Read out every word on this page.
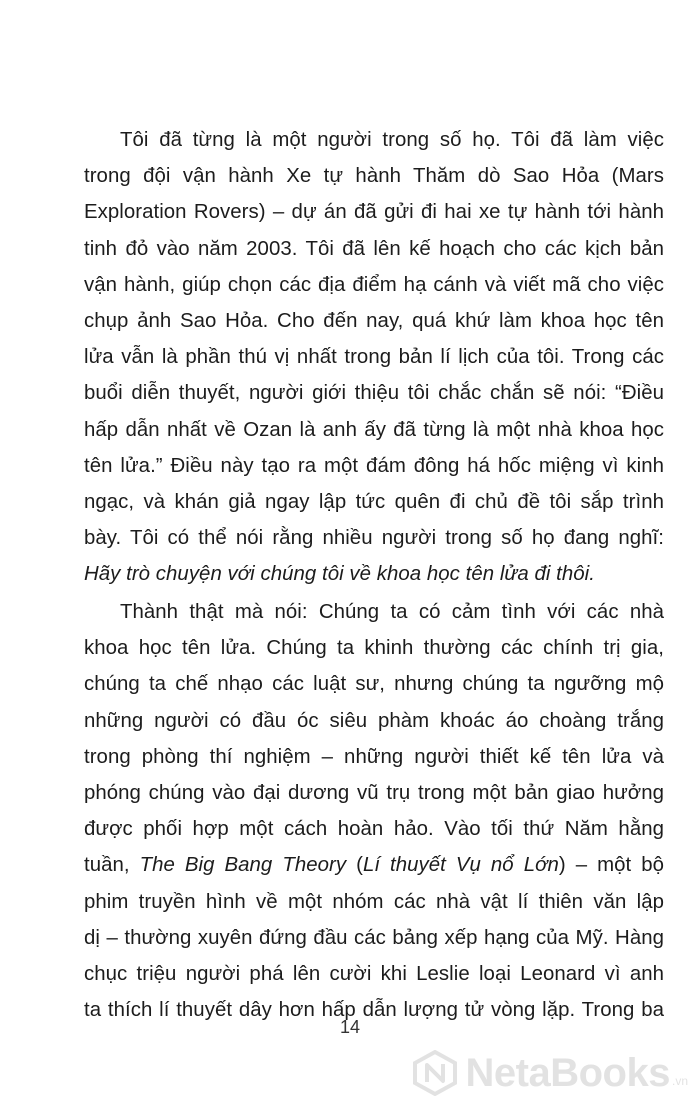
Tôi đã từng là một người trong số họ. Tôi đã làm việc
trong đội vận hành Xe tự hành Thăm dò Sao Hỏa (Mars
Exploration Rovers) – dự án đã gửi đi hai xe tự hành tới hành
tinh đỏ vào năm 2003. Tôi đã lên kế hoạch cho các kịch bản
vận hành, giúp chọn các địa điểm hạ cánh và viết mã cho việc
chụp ảnh Sao Hỏa. Cho đến nay, quá khứ làm khoa học tên
lửa vẫn là phần thú vị nhất trong bản lí lịch của tôi. Trong các
buổi diễn thuyết, người giới thiệu tôi chắc chắn sẽ nói: “Điều
hấp dẫn nhất về Ozan là anh ấy đã từng là một nhà khoa học
tên lửa.” Điều này tạo ra một đám đông há hốc miệng vì kinh
ngạc, và khán giả ngay lập tức quên đi chủ đề tôi sắp trình
bày. Tôi có thể nói rằng nhiều người trong số họ đang nghĩ:
Hãy trò chuyện với chúng tôi về khoa học tên lửa đi thôi.
Thành thật mà nói: Chúng ta có cảm tình với các nhà
khoa học tên lửa. Chúng ta khinh thường các chính trị gia,
chúng ta chế nhạo các luật sư, nhưng chúng ta ngưỡng mộ
những người có đầu óc siêu phàm khoác áo choàng trắng
trong phòng thí nghiệm – những người thiết kế tên lửa và
phóng chúng vào đại dương vũ trụ trong một bản giao hưởng
được phối hợp một cách hoàn hảo. Vào tối thứ Năm hằng
tuần, The Big Bang Theory (Lí thuyết Vụ nổ Lớn) – một bộ
phim truyền hình về một nhóm các nhà vật lí thiên văn lập
dị – thường xuyên đứng đầu các bảng xếp hạng của Mỹ. Hàng
chục triệu người phá lên cười khi Leslie loại Leonard vì anh
ta thích lí thuyết dây hơn hấp dẫn lượng tử vòng lặp. Trong ba
14
NetaBooks .vn
